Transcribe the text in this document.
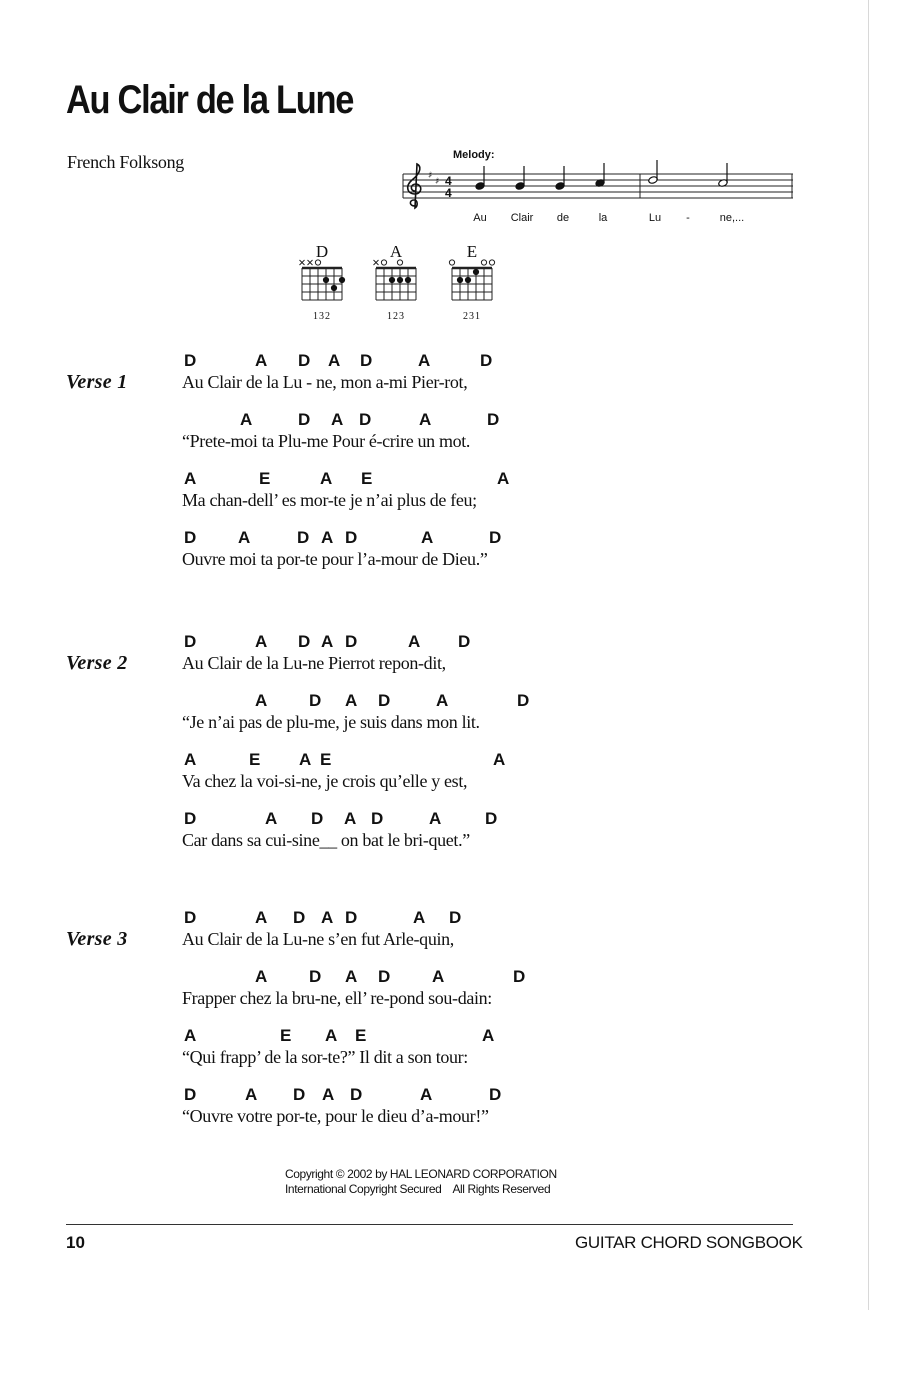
Au Clair de la Lune
French Folksong	Melody:
♯
♯ 4
4
Au Clair de	la	Lu -	ne,...
D
132
A
123
E
231
Verse 1
D	A D A D	A	D
Au Clair de la Lu - ne, mon a-mi Pier-rot,
A	D A D	A	D
“Prete-moi ta Plu-me Pour é-crire un mot.
A	E	A E	A
Ma chan-dell’ es mor-te je n’ai plus de feu;
D A	D A D	A	D
Ouvre moi ta por-te pour l’a-mour de Dieu.”
Verse 2
D	A D A D	A D
Au Clair de la Lu-ne Pierrot repon-dit,
A D A D	A	D
“Je n’ai pas de plu-me, je suis dans mon lit.
A	E A E	A
Va chez la voi-si-ne, je crois qu’elle y est,
D	A D A D	A	D
Car dans sa cui-sine__ on bat le bri-quet.”
Verse 3
D	A D A D	A D
Au Clair de la Lu-ne s’en fut Arle-quin,
A D A D A	D
Frapper chez la bru-ne, ell’ re-pond sou-dain:
A	E A E	A
“Qui frapp’ de la sor-te?” Il dit a son tour:
D	A D A D	A	D
“Ouvre votre por-te, pour le dieu d’a-mour!”
Copyright © 2002 by HAL LEONARD CORPORATION
International Copyright Secured    All Rights Reserved
10	GUITAR CHORD SONGBOOK
